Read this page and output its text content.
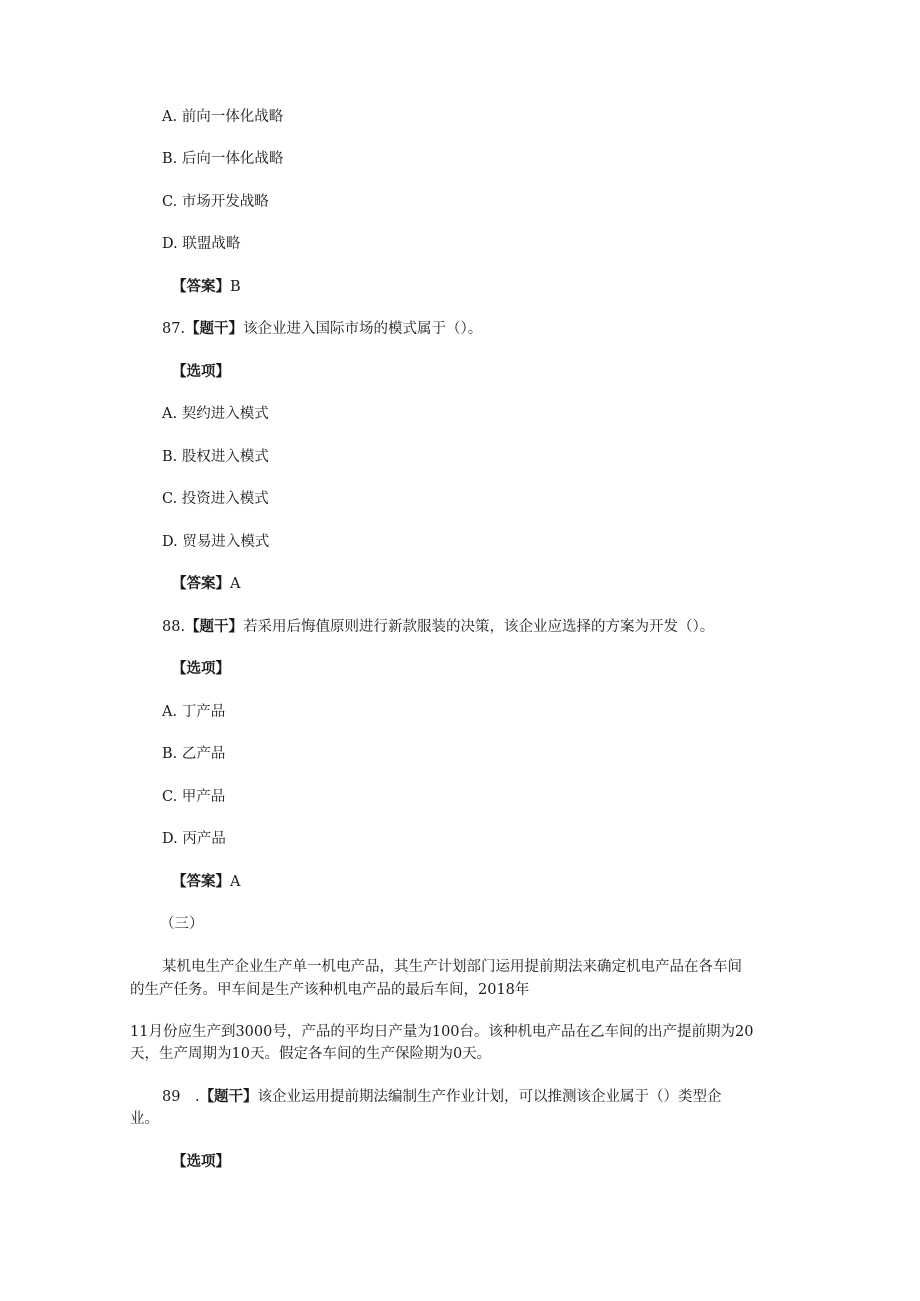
A. 前向一体化战略
B. 后向一体化战略
C. 市场开发战略
D. 联盟战略
【答案】B
87.【题干】该企业进入国际市场的模式属于（）。
【选项】
A. 契约进入模式
B. 股权进入模式
C. 投资进入模式
D. 贸易进入模式
【答案】A
88.【题干】若采用后悔值原则进行新款服装的决策，该企业应选择的方案为开发（）。
【选项】
A. 丁产品
B. 乙产品
C. 甲产品
D. 丙产品
【答案】A
（三）
某机电生产企业生产单一机电产品，其生产计划部门运用提前期法来确定机电产品在各车间
的生产任务。甲车间是生产该种机电产品的最后车间，2018年
11月份应生产到3000号，产品的平均日产量为100台。该种机电产品在乙车间的出产提前期为20
天，生产周期为10天。假定各车间的生产保险期为0天。
89　.【题干】该企业运用提前期法编制生产作业计划，可以推测该企业属于（）类型企
业。
【选项】
